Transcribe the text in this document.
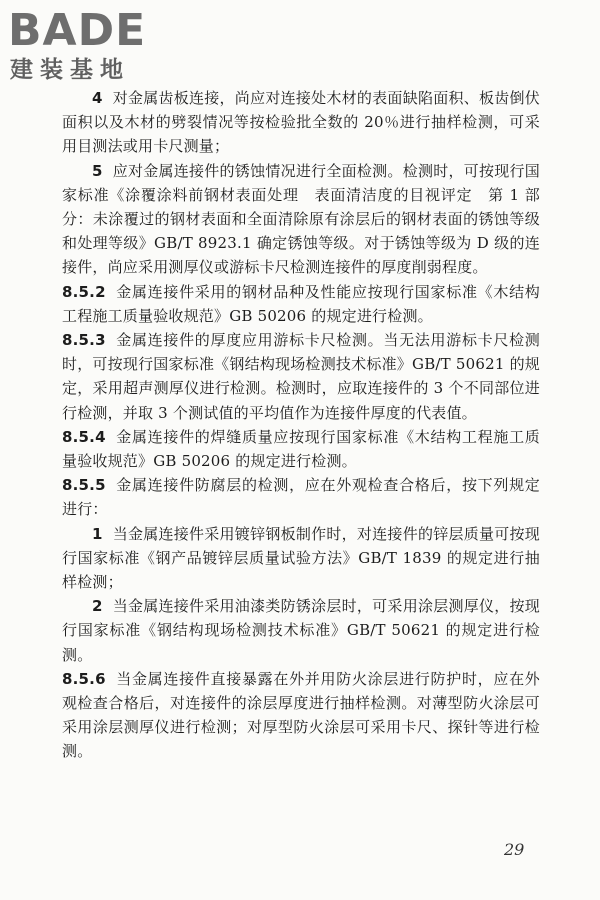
BADE
建装基地

4 对金属齿板连接，尚应对连接处木材的表面缺陷面积、板齿倒伏面积以及木材的劈裂情况等按检验批全数的 20％进行抽样检测，可采用目测法或用卡尺测量；

5 应对金属连接件的锈蚀情况进行全面检测。检测时，可按现行国家标准《涂覆涂料前钢材表面处理　表面清洁度的目视评定　第 1 部分：未涂覆过的钢材表面和全面清除原有涂层后的钢材表面的锈蚀等级和处理等级》GB/T 8923.1 确定锈蚀等级。对于锈蚀等级为 D 级的连接件，尚应采用测厚仪或游标卡尺检测连接件的厚度削弱程度。

8.5.2 金属连接件采用的钢材品种及性能应按现行国家标准《木结构工程施工质量验收规范》GB 50206 的规定进行检测。

8.5.3 金属连接件的厚度应用游标卡尺检测。当无法用游标卡尺检测时，可按现行国家标准《钢结构现场检测技术标准》GB/T 50621 的规定，采用超声测厚仪进行检测。检测时，应取连接件的 3 个不同部位进行检测，并取 3 个测试值的平均值作为连接件厚度的代表值。

8.5.4 金属连接件的焊缝质量应按现行国家标准《木结构工程施工质量验收规范》GB 50206 的规定进行检测。

8.5.5 金属连接件防腐层的检测，应在外观检查合格后，按下列规定进行：

1 当金属连接件采用镀锌钢板制作时，对连接件的锌层质量可按现行国家标准《钢产品镀锌层质量试验方法》GB/T 1839 的规定进行抽样检测；

2 当金属连接件采用油漆类防锈涂层时，可采用涂层测厚仪，按现行国家标准《钢结构现场检测技术标准》GB/T 50621 的规定进行检测。

8.5.6 当金属连接件直接暴露在外并用防火涂层进行防护时，应在外观检查合格后，对连接件的涂层厚度进行抽样检测。对薄型防火涂层可采用涂层测厚仪进行检测；对厚型防火涂层可采用卡尺、探针等进行检测。

29
